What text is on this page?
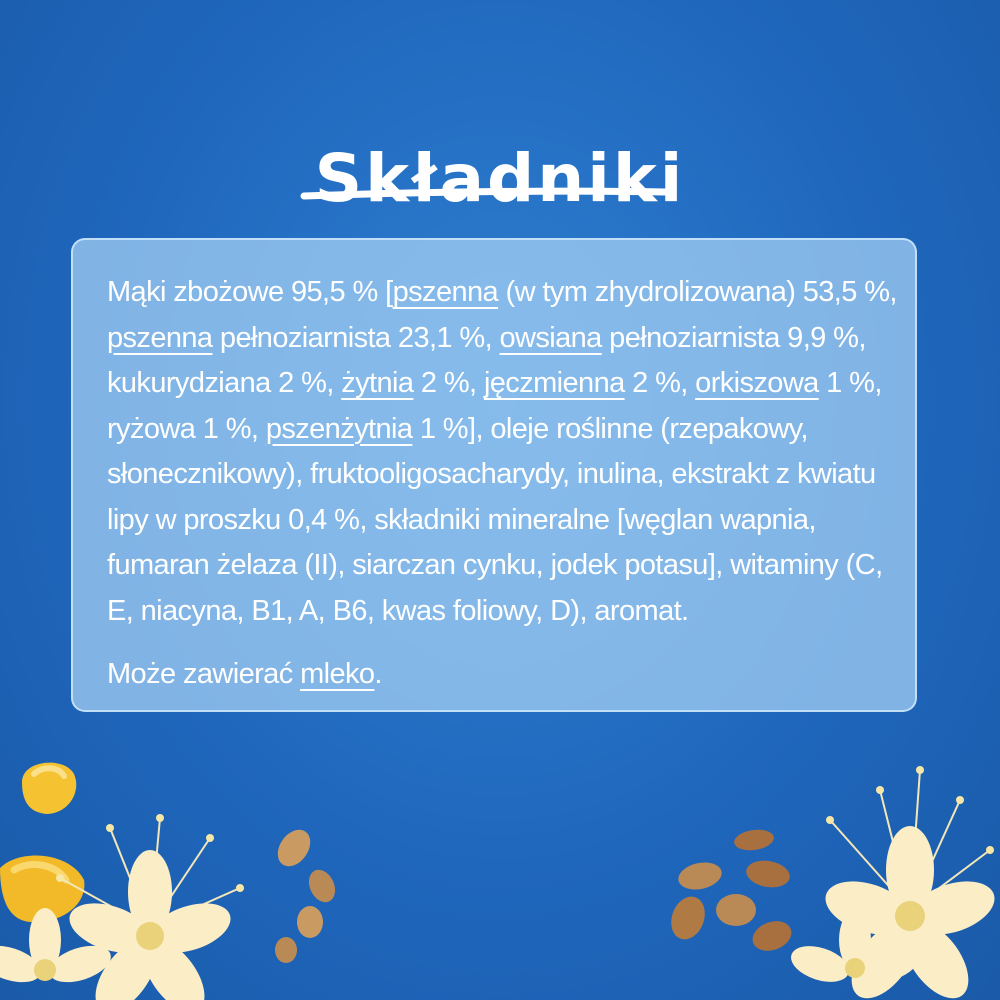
Składniki

Mąki zbożowe 95,5 % [pszenna (w tym zhydrolizowana) 53,5 %,

pszenna pełnoziarnista 23,1 %, owsiana pełnoziarnista 9,9 %,

kukurydziana 2 %, żytnia 2 %, jęczmienna 2 %, orkiszowa 1 %,

ryżowa 1 %, pszenżytnia 1 %], oleje roślinne (rzepakowy,

słonecznikowy), fruktooligosacharydy, inulina, ekstrakt z kwiatu

lipy w proszku 0,4 %, składniki mineralne [węglan wapnia,

fumaran żelaza (II), siarczan cynku, jodek potasu], witaminy (C,

E, niacyna, B1, A, B6, kwas foliowy, D), aromat.

Może zawierać mleko.
